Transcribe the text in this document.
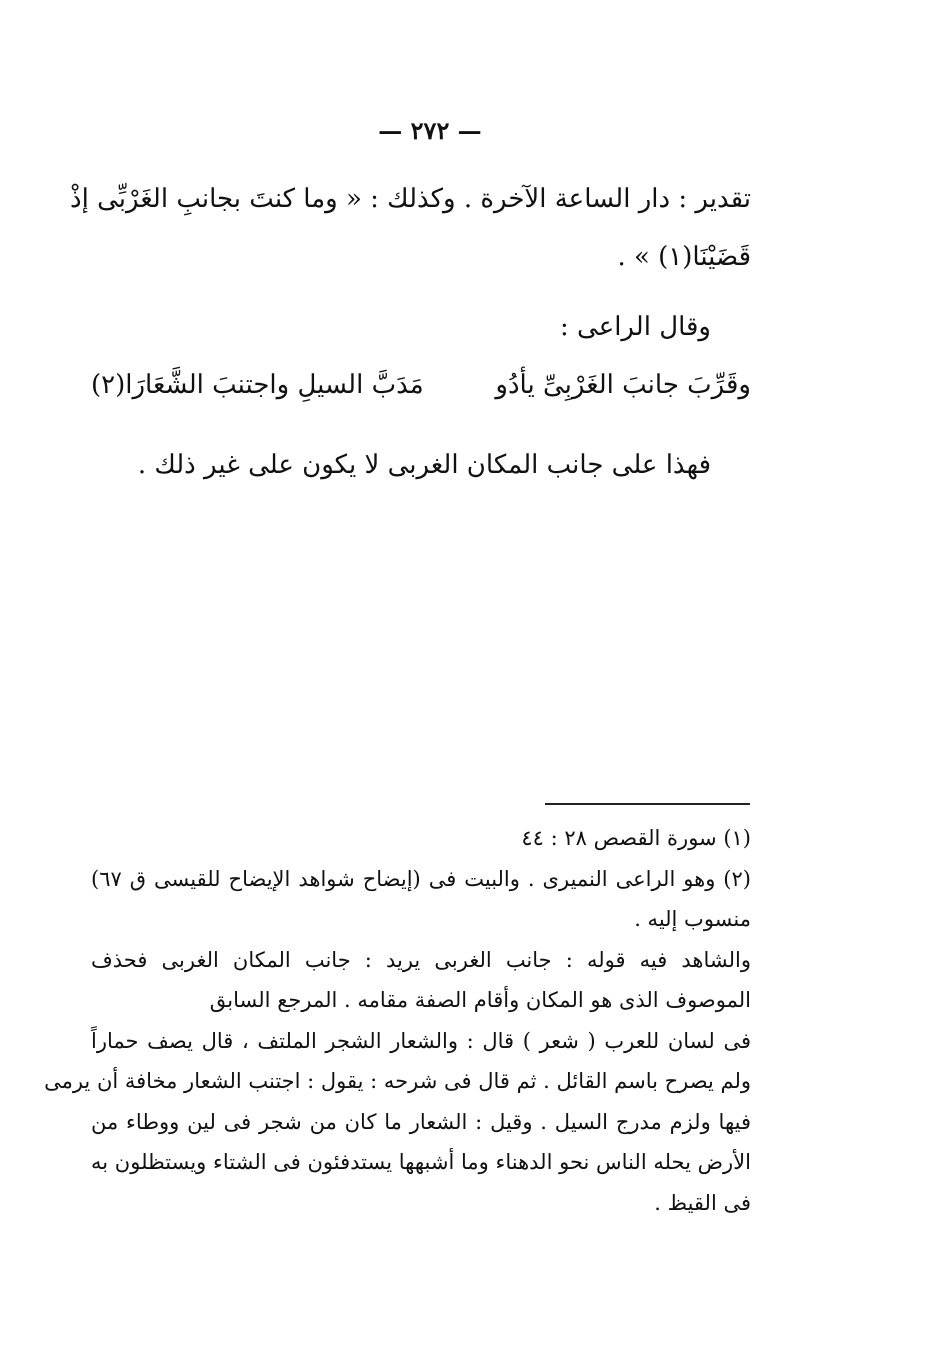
— ٢٧٢ —
تقدير : دار الساعة الآخرة . وكذلك : « وما كنتَ بجانبِ الغَرْبِّى إذْ
قَضَيْنَا(١) » .
وقال الراعى :
وقَرِّبَ جانبَ الغَرْبِىِّ يأدُو
مَدَبَّ السيلِ واجتنبَ الشَّعَارَا(٢)
فهذا على جانب المكان الغربى لا يكون على غير ذلك .
(١) سورة القصص ٢٨ : ٤٤
(٢) وهو الراعى النميرى . والبيت فى (إيضاح شواهد الإيضاح للقيسى ق ٦٧)
منسوب إليه .
والشاهد فيه قوله : جانب الغربى يريد : جانب المكان الغربى فحذف
الموصوف الذى هو المكان وأقام الصفة مقامه . المرجع السابق
فى لسان للعرب ( شعر ) قال : والشعار الشجر الملتف ، قال يصف حماراً
ولم يصرح باسم القائل . ثم قال فى شرحه : يقول : اجتنب الشعار مخافة أن يرمى
فيها ولزم مدرج السيل . وقيل : الشعار ما كان من شجر فى لين ووطاء من
الأرض يحله الناس نحو الدهناء وما أشبهها يستدفئون فى الشتاء ويستظلون به
فى القيظ .
